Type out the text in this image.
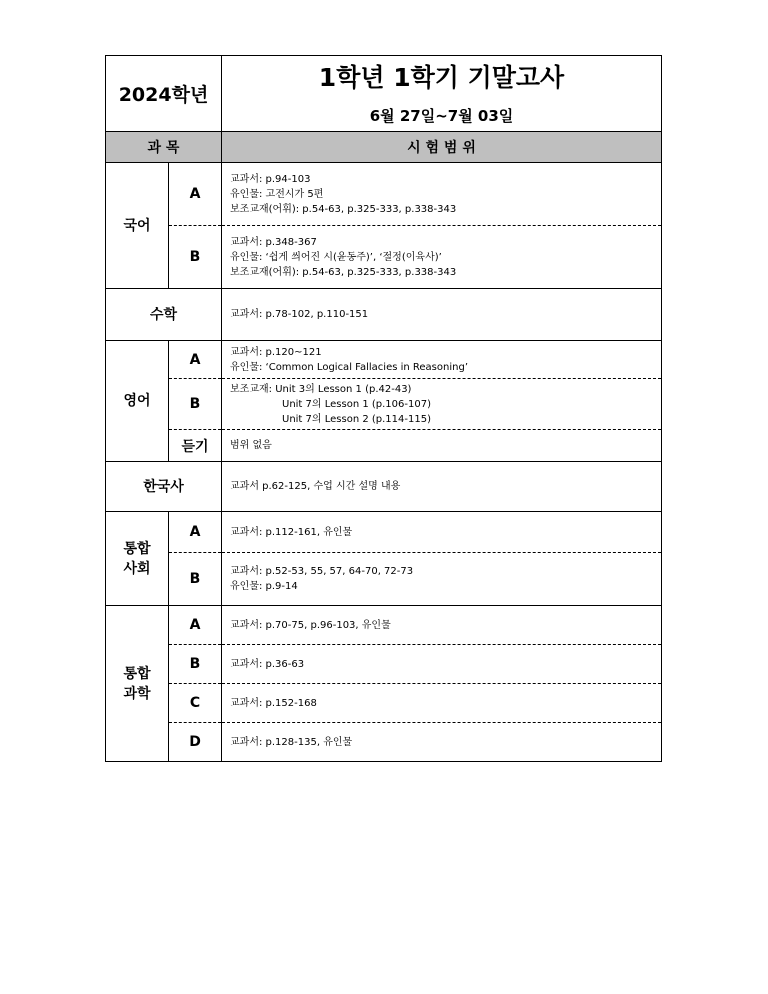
2024학년		1학년 1학기 기말고사
6월 27일~7월 03일

과 목		시 험 범 위
국어	A	교과서: p.94-103
유인물: 고전시가 5편
보조교재(어휘): p.54-63, p.325-333, p.338-343

	B	교과서: p.348-367
유인물: ‘쉽게 씌어진 시(윤동주)’, ‘절정(이육사)’
보조교재(어휘): p.54-63, p.325-333, p.338-343

수학		교과서: p.78-102, p.110-151
영어	A	교과서: p.120~121
유인물: ‘Common Logical Fallacies in Reasoning’

	B	보조교재: Unit 3의 Lesson 1 (p.42-43)
Unit 7의 Lesson 1 (p.106-107)
Unit 7의 Lesson 2 (p.114-115)

	듣기	범위 없음
한국사		교과서 p.62-125, 수업 시간 설명 내용

통합
사회	A	교과서: p.112-161, 유인물
	B	교과서: p.52-53, 55, 57, 64-70, 72-73
유인물: p.9-14

통합
과학	A	교과서: p.70-75, p.96-103, 유인물
	B	교과서: p.36-63
	C	교과서: p.152-168
	D	교과서: p.128-135, 유인물
